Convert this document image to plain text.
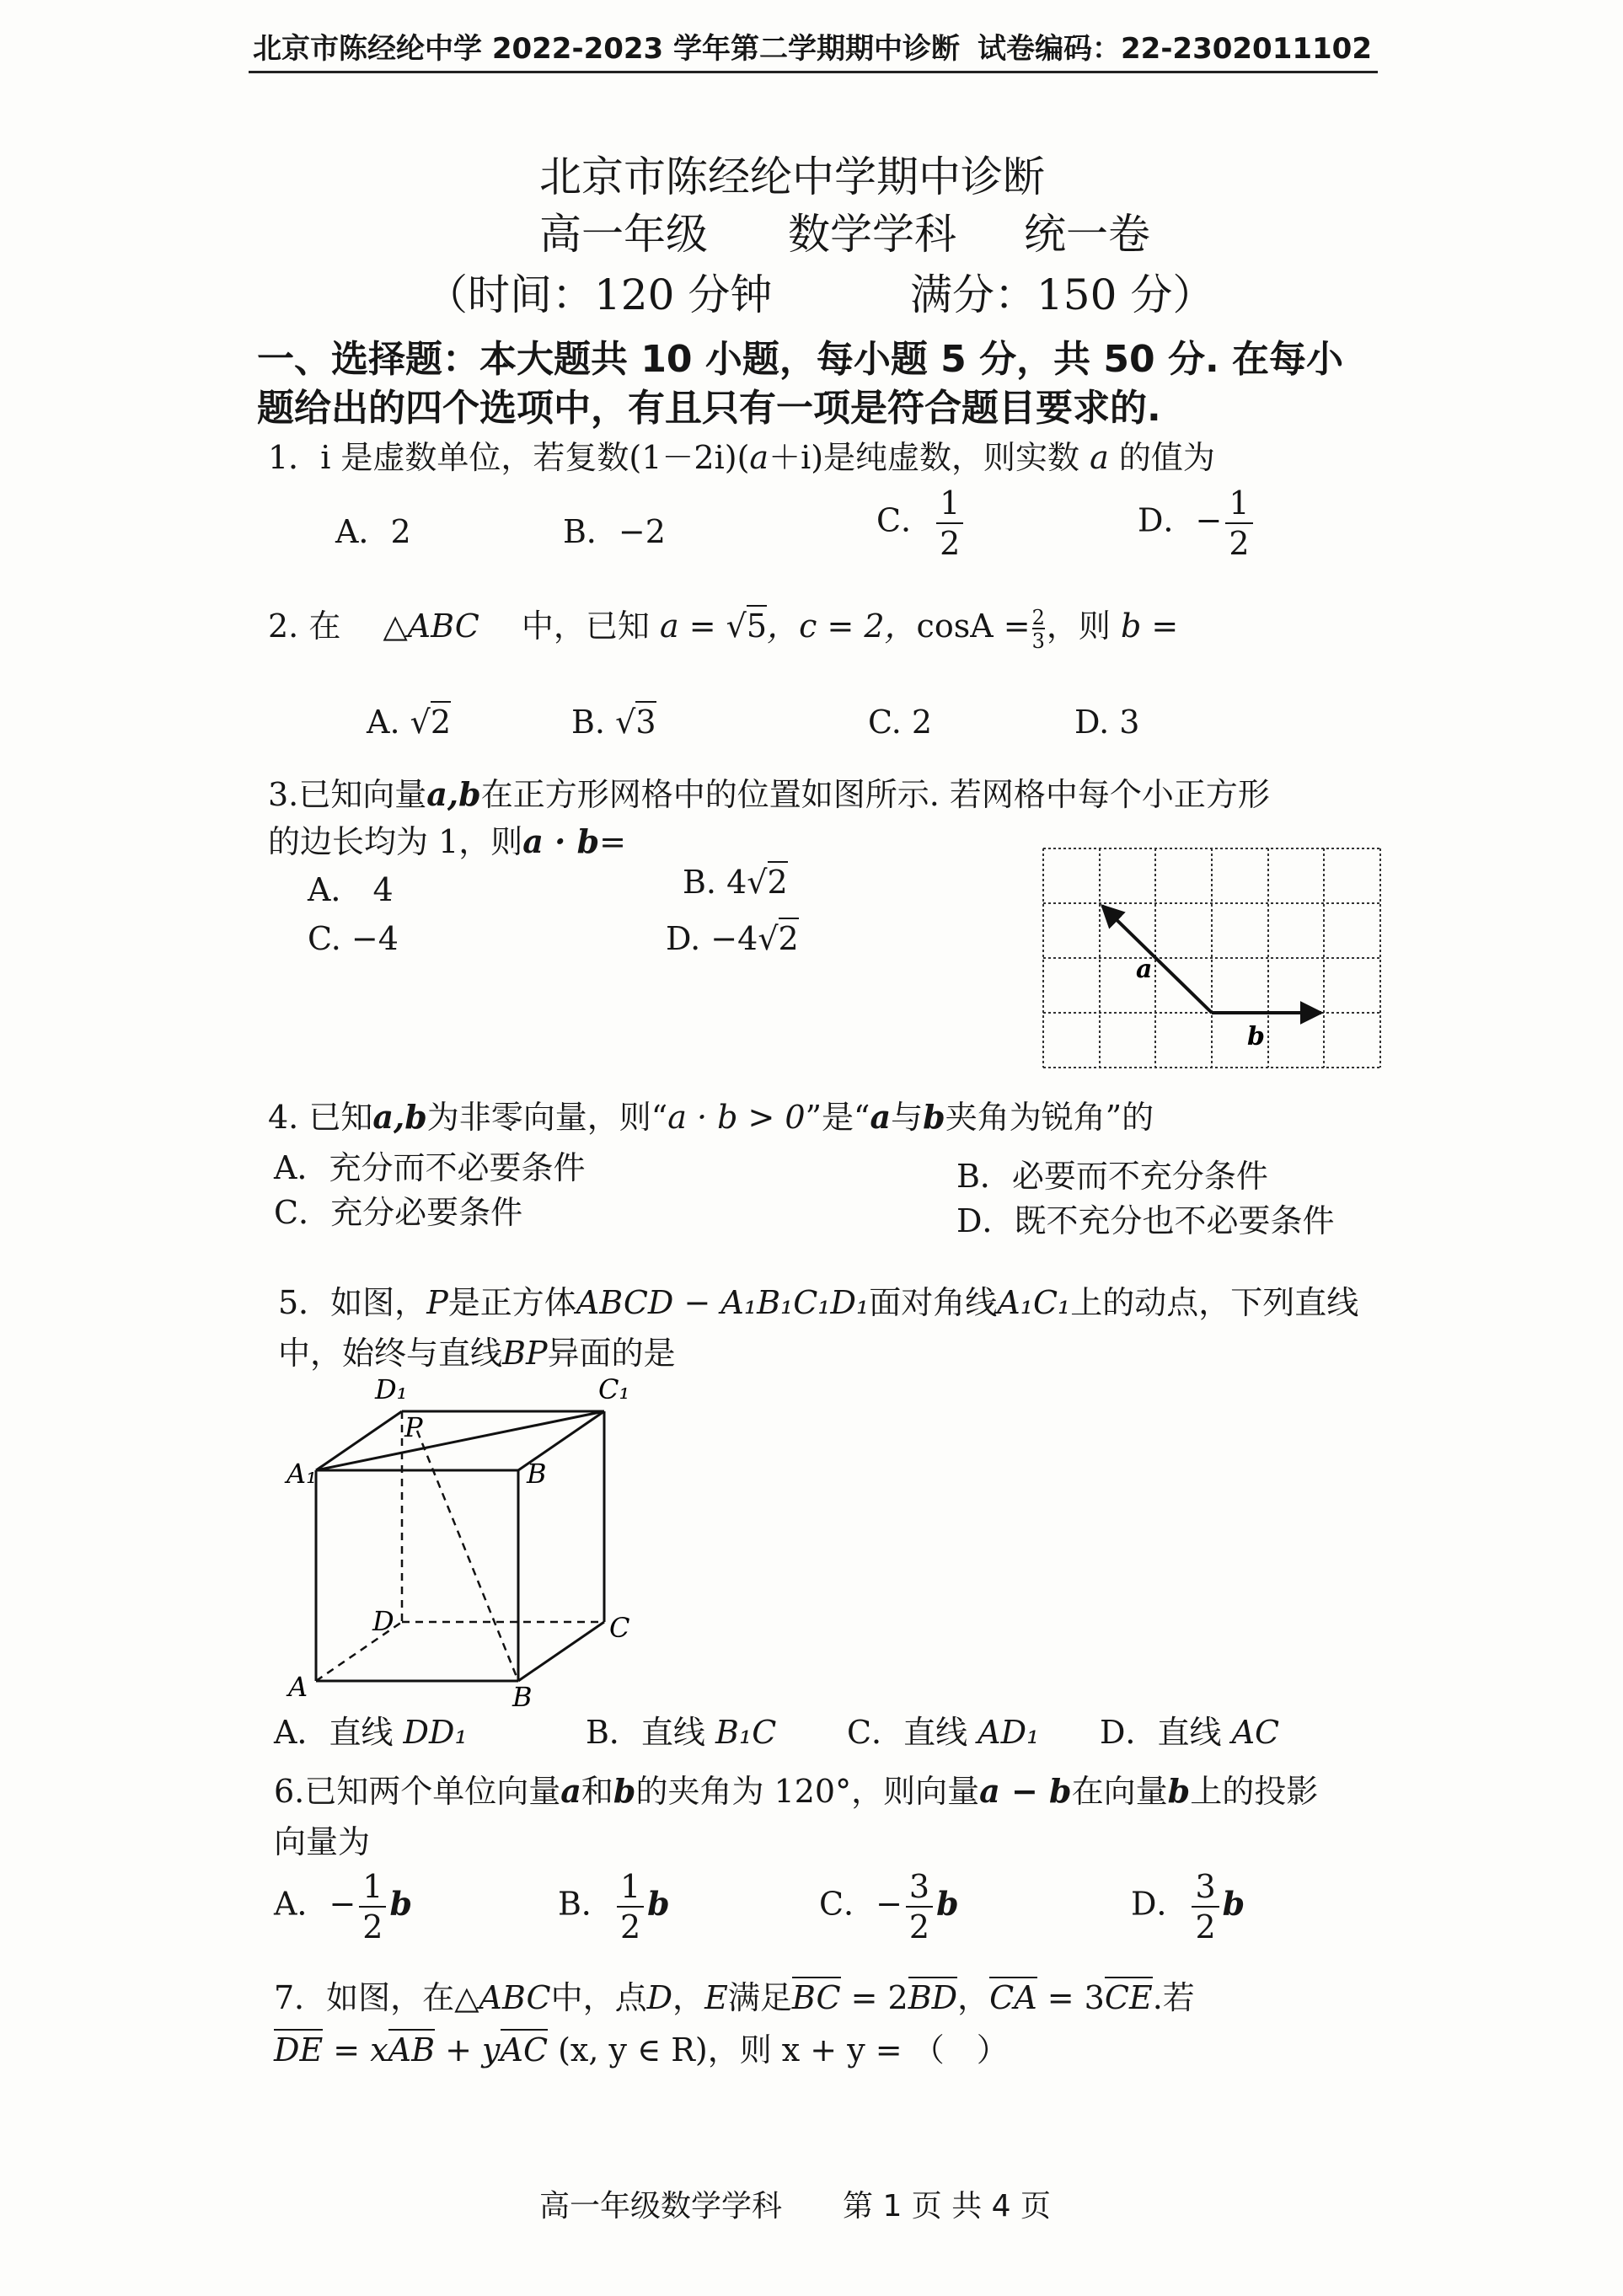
北京市陈经纶中学 2022-2023 学年第二学期期中诊断 试卷编码：22-2302011102
北京市陈经纶中学期中诊断
高一年级 数学学科 统一卷
（时间：120 分钟	满分：150 分）
一、选择题：本大题共 10 小题，每小题 5 分，共 50 分. 在每小
题给出的四个选项中，有且只有一项是符合题目要求的.
1．i 是虚数单位，若复数(1－2i)(a＋i)是纯虚数，则实数 a 的值为
A．2	B．−2	C． $\frac{1}{2}$	D．− $\frac{1}{2}$
2. 在　 △ABC　 中，已知 a = √5，c = 2，$\cos A = \frac{2}{3}$ ，则 b =
A. √2	B. √3	C. 2	D. 3
3.已知向量a,b在正方形网格中的位置如图所示. 若网格中每个小正方形
的边长均为 1，则a · b=
A． 4	B. 4√2
C. −4	D. −4√2
a
b
4. 已知a,b为非零向量，则“a · b > 0”是“a与b夹角为锐角”的
A．充分而不必要条件	B．必要而不充分条件
C．充分必要条件	D．既不充分也不必要条件
5．如图，P是正方体ABCD − A₁B₁C₁D₁面对角线A₁C₁上的动点，下列直线
中，始终与直线BP异面的是
D₁	C₁
A₁
P
B
D	C
A	B
A．直线 DD₁	B．直线 B₁C C．直线 AD₁ D．直线 AC
6.已知两个单位向量a和b的夹角为 120°，则向量a − b在向量b上的投影
向量为
A．− $\frac{1}{2}$ b	B． $\frac{1}{2}$ b	C．− $\frac{3}{2}$ b	D． $\frac{3}{2}$ b
7．如图，在△ABC中，点D，E满足BC = 2BD，CA = 3CE.若
DE = xAB + yAC (x, y ∈ R)，则 x + y = （　）
高一年级数学学科　　第 1 页 共 4 页
